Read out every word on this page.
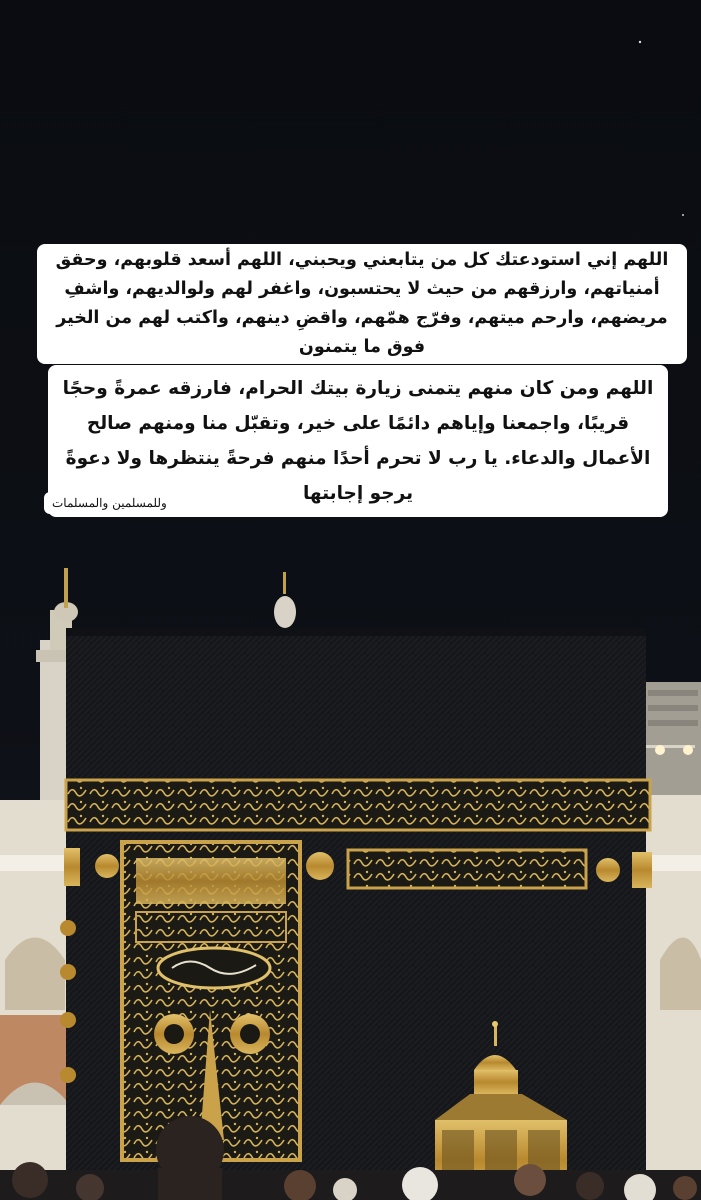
اللهم إني استودعتك كل من يتابعني ويحبني، اللهم أسعد قلوبهم، وحقق أمنياتهم، وارزقهم من حيث لا يحتسبون، واغفر لهم ولوالديهم، واشفِ مريضهم، وارحم ميتهم، وفرّج همّهم، واقضِ دينهم، واكتب لهم من الخير فوق ما يتمنون
اللهم ومن كان منهم يتمنى زيارة بيتك الحرام، فارزقه عمرةً وحجًا قريبًا، واجمعنا وإياهم دائمًا على خير، وتقبّل منا ومنهم صالح الأعمال والدعاء. يا رب لا تحرم أحدًا منهم فرحةً ينتظرها ولا دعوةً يرجو إجابتها
وللمسلمين والمسلمات
